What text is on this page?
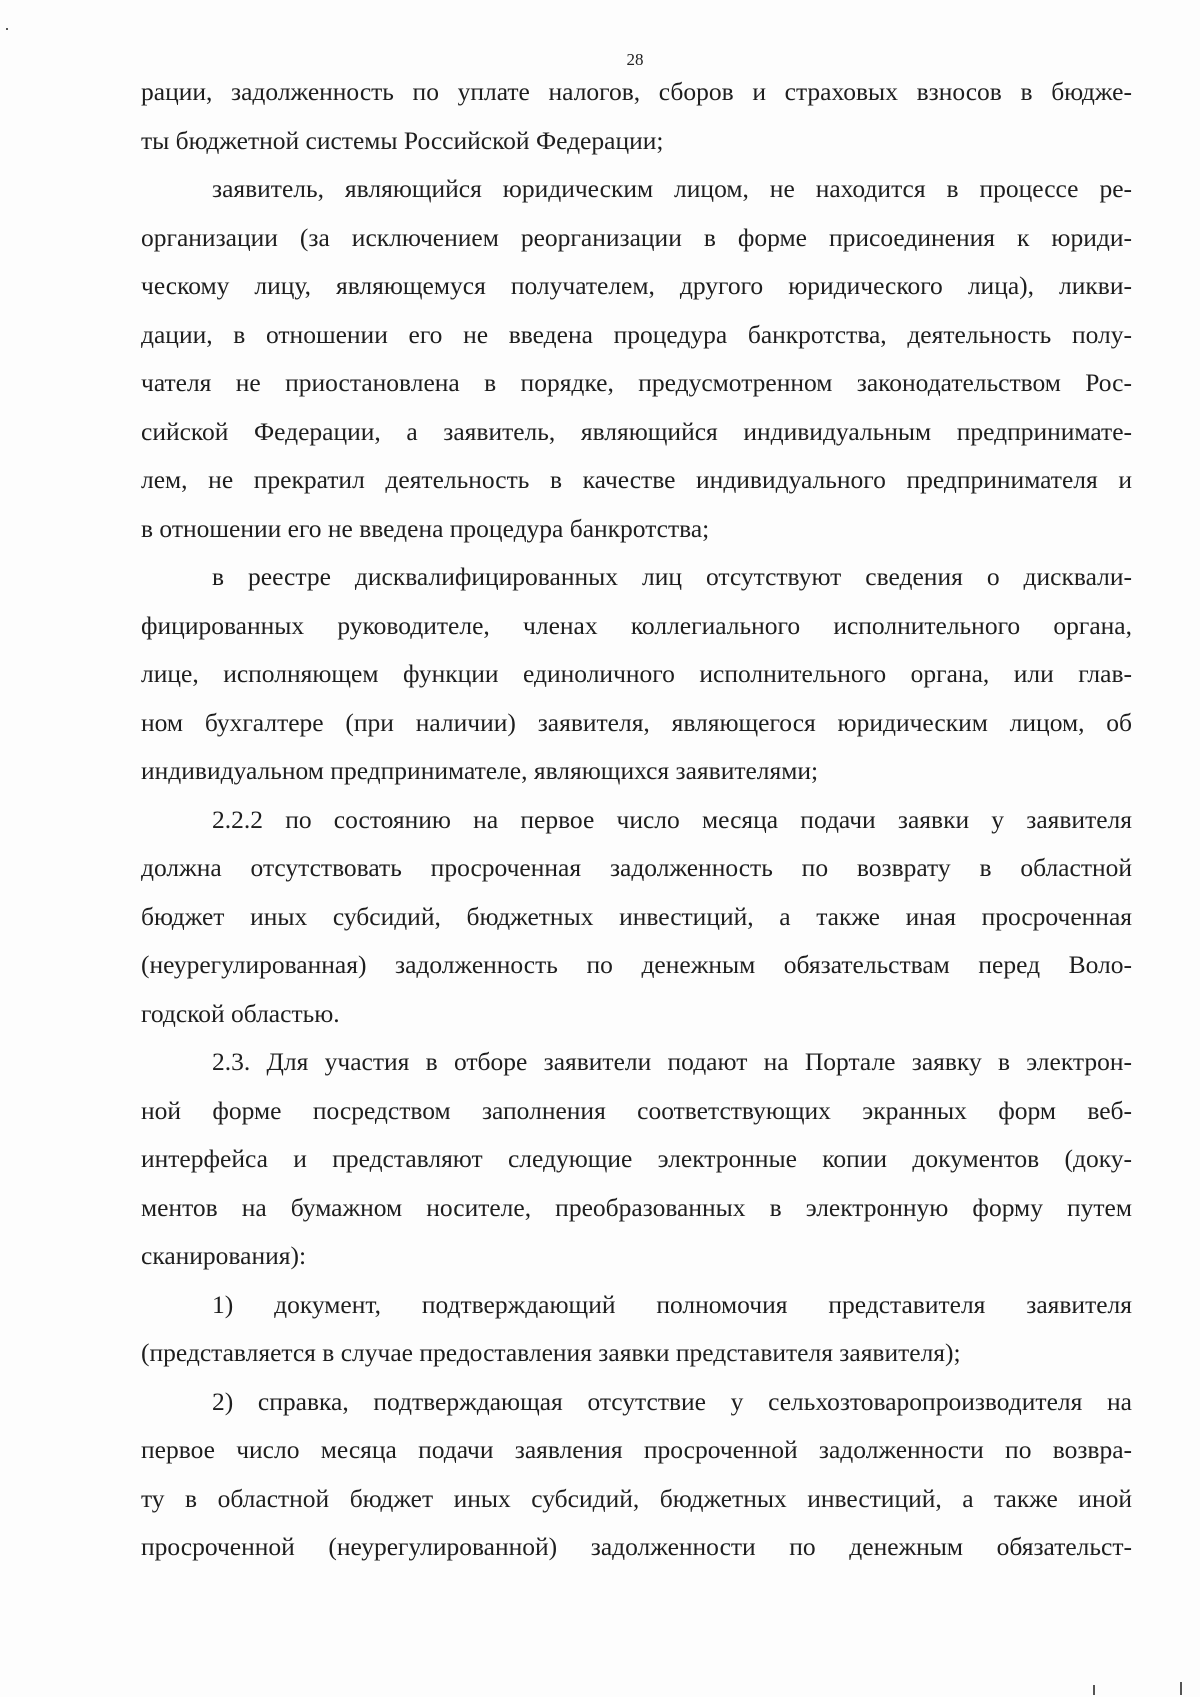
28

рации, задолженность по уплате налогов, сборов и страховых взносов в бюдже-

ты бюджетной системы Российской Федерации;

заявитель, являющийся юридическим лицом, не находится в процессе ре-

организации (за исключением реорганизации в форме присоединения к юриди-

ческому лицу, являющемуся получателем, другого юридического лица), ликви-

дации, в отношении его не введена процедура банкротства, деятельность полу-

чателя не приостановлена в порядке, предусмотренном законодательством Рос-

сийской Федерации, а заявитель, являющийся индивидуальным предпринимате-

лем, не прекратил деятельность в качестве индивидуального предпринимателя и

в отношении его не введена процедура банкротства;

в реестре дисквалифицированных лиц отсутствуют сведения о дисквали-

фицированных руководителе, членах коллегиального исполнительного органа,

лице, исполняющем функции единоличного исполнительного органа, или глав-

ном бухгалтере (при наличии) заявителя, являющегося юридическим лицом, об

индивидуальном предпринимателе, являющихся заявителями;

2.2.2 по состоянию на первое число месяца подачи заявки у заявителя

должна отсутствовать просроченная задолженность по возврату в областной

бюджет иных субсидий, бюджетных инвестиций, а также иная просроченная

(неурегулированная) задолженность по денежным обязательствам перед Воло-

годской областью.

2.3. Для участия в отборе заявители подают на Портале заявку в электрон-

ной форме посредством заполнения соответствующих экранных форм веб-

интерфейса и представляют следующие электронные копии документов (доку-

ментов на бумажном носителе, преобразованных в электронную форму путем

сканирования):

1) документ, подтверждающий полномочия представителя заявителя

(представляется в случае предоставления заявки представителя заявителя);

2) справка, подтверждающая отсутствие у сельхозтоваропроизводителя на

первое число месяца подачи заявления просроченной задолженности по возвра-

ту в областной бюджет иных субсидий, бюджетных инвестиций, а также иной

просроченной (неурегулированной) задолженности по денежным обязательст-
